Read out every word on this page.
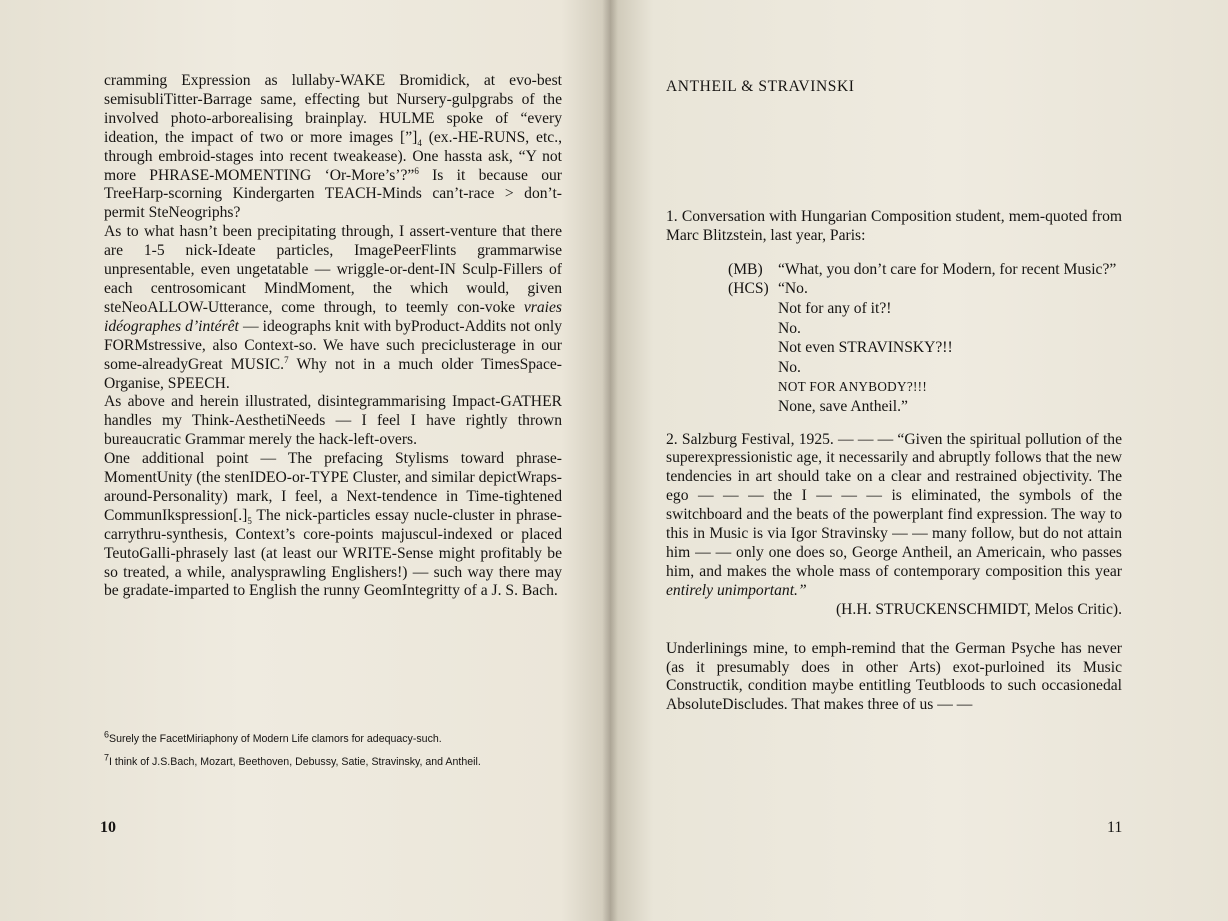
cramming Expression as lullaby-WAKE Bromidick, at evo-best semisubliTitter-Barrage same, effecting but Nursery-gulpgrabs of the involved photo-arborealising brainplay. HULME spoke of “every ideation, the impact of two or more images $[”]_4$ (ex.-HE-RUNS, etc., through embroid-stages into recent tweakease). One hassta ask, “Y not more PHRASE-MOMENTING ‘Or-More’s’?”$^6$ Is it because our TreeHarp-scorning Kindergarten TEACH-Minds can’t-race > don’t-permit SteNeogriphs?

As to what hasn’t been precipitating through, I assert-venture that there are 1-5 nick-Ideate particles, ImagePeerFlints grammarwise unpresentable, even ungetatable — wriggle-or-dent-IN Sculp-Fillers of each centrosomicant MindMoment, the which would, given steNeoALLOW-Utterance, come through, to teemly con-voke vraies idéographes d’intérêt — ideographs knit with byProduct-Addits not only FORMstressive, also Context-so. We have such preciclusterage in our some-alreadyGreat MUSIC.$^7$ Why not in a much older TimesSpace-Organise, SPEECH.

As above and herein illustrated, disintegrammarising Impact-GATHER handles my Think-AesthetiNeeds — I feel I have rightly thrown bureaucratic Grammar merely the hack-left-overs.

One additional point — The prefacing Stylisms toward phrase-MomentUnity (the stenIDEO-or-TYPE Cluster, and similar depictWraps-around-Personality) mark, I feel, a Next-tendence in Time-tightened $CommunIkspression[.]_5$ The nick-particles essay nucle-cluster in phrase-carrythru-synthesis, Context’s core-points majuscul-indexed or placed TeutoGalli-phrasely last (at least our WRITE-Sense might profitably be so treated, a while, analysprawling Englishers!) — such way there may be gradate-imparted to English the runny GeomIntegritty of a J. S. Bach.

$^6$Surely the FacetMiriaphony of Modern Life clamors for adequacy-such.
$^7$I think of J.S.Bach, Mozart, Beethoven, Debussy, Satie, Stravinsky, and Antheil.
10
ANTHEIL & STRAVINSKI

1. Conversation with Hungarian Composition student, mem-quoted from Marc Blitzstein, last year, Paris:

(MB) “What, you don’t care for Modern, for recent Music?”
(HCS) “No.
Not for any of it?!
No.
Not even STRAVINSKY?!!
No.
NOT FOR ANYBODY?!!!
None, save Antheil.”

2. Salzburg Festival, 1925. — — — “Given the spiritual pollution of the superexpressionistic age, it necessarily and abruptly follows that the new tendencies in art should take on a clear and restrained objectivity. The ego — — — the I — — — is eliminated, the symbols of the switchboard and the beats of the powerplant find expression. The way to this in Music is via Igor Stravinsky — — many follow, but do not attain him — — only one does so, George Antheil, an Americain, who passes him, and makes the whole mass of contemporary composition this year entirely unimportant.”

(H.H. STRUCKENSCHMIDT, Melos Critic).

Underlinings mine, to emph-remind that the German Psyche has never (as it presumably does in other Arts) exot-purloined its Music Constructik, condition maybe entitling Teutbloods to such occasionedal AbsoluteDiscludes. That makes three of us — —

11
